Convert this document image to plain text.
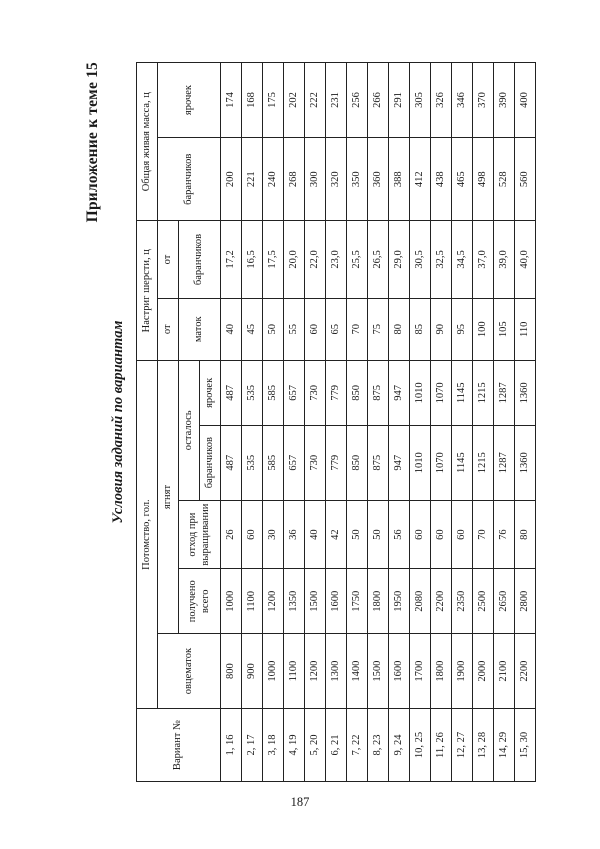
Приложение к теме 15
Условия заданий по вариантам
Вариант №	Потомство, гол.					Настриг шерсти, ц		Общая живая масса, ц	
	овцематок	ягнят				от	от	баранчиков	ярочек
		получено всего	отход при выращивании	осталось		маток	баранчиков		
				баранчиков	ярочек				
1, 16	800	1000	26	487	487	40	17,2	200	174
2, 17	900	1100	60	535	535	45	16,5	221	168
3, 18	1000	1200	30	585	585	50	17,5	240	175
4, 19	1100	1350	36	657	657	55	20,0	268	202
5, 20	1200	1500	40	730	730	60	22,0	300	222
6, 21	1300	1600	42	779	779	65	23,0	320	231
7, 22	1400	1750	50	850	850	70	25,5	350	256
8, 23	1500	1800	50	875	875	75	26,5	360	266
9, 24	1600	1950	56	947	947	80	29,0	388	291
10, 25	1700	2080	60	1010	1010	85	30,5	412	305
11, 26	1800	2200	60	1070	1070	90	32,5	438	326
12, 27	1900	2350	60	1145	1145	95	34,5	465	346
13, 28	2000	2500	70	1215	1215	100	37,0	498	370
14, 29	2100	2650	76	1287	1287	105	39,0	528	390
15, 30	2200	2800	80	1360	1360	110	40,0	560	400
187
